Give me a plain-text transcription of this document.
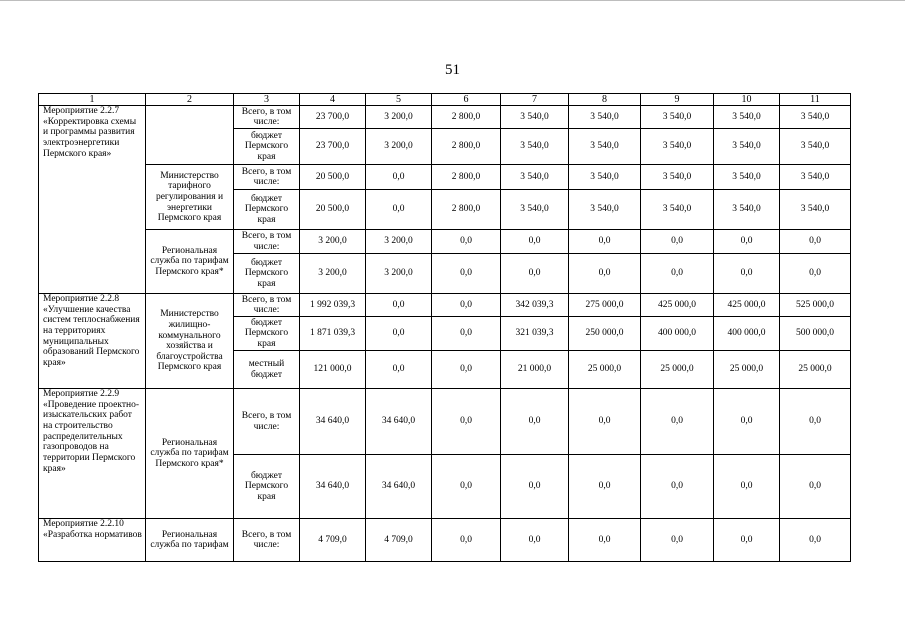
51
1	2	3	4	5	6	7	8	9	10	11
Мероприятие 2.2.7 «Корректировка схемы и программы развития электроэнергетики Пермского края»		Всего, в том числе:	23 700,0	3 200,0	2 800,0	3 540,0	3 540,0	3 540,0	3 540,0	3 540,0
		бюджет Пермского края	23 700,0	3 200,0	2 800,0	3 540,0	3 540,0	3 540,0	3 540,0	3 540,0
	Министерство тарифного регулирования и энергетики Пермского края	Всего, в том числе:	20 500,0	0,0	2 800,0	3 540,0	3 540,0	3 540,0	3 540,0	3 540,0
		бюджет Пермского края	20 500,0	0,0	2 800,0	3 540,0	3 540,0	3 540,0	3 540,0	3 540,0
	Региональная служба по тарифам Пермского края*	Всего, в том числе:	3 200,0	3 200,0	0,0	0,0	0,0	0,0	0,0	0,0
		бюджет Пермского края	3 200,0	3 200,0	0,0	0,0	0,0	0,0	0,0	0,0
Мероприятие 2.2.8 «Улучшение качества систем теплоснабжения на территориях муниципальных образований Пермского края»	Министерство жилищно-коммунального хозяйства и благоустройства Пермского края	Всего, в том числе:	1 992 039,3	0,0	0,0	342 039,3	275 000,0	425 000,0	425 000,0	525 000,0
		бюджет Пермского края	1 871 039,3	0,0	0,0	321 039,3	250 000,0	400 000,0	400 000,0	500 000,0
		местный бюджет	121 000,0	0,0	0,0	21 000,0	25 000,0	25 000,0	25 000,0	25 000,0
Мероприятие 2.2.9 «Проведение проектно-изыскательских работ на строительство распределительных газопроводов на территории Пермского края»	Региональная служба по тарифам Пермского края*	Всего, в том числе:	34 640,0	34 640,0	0,0	0,0	0,0	0,0	0,0	0,0
		бюджет Пермского края	34 640,0	34 640,0	0,0	0,0	0,0	0,0	0,0	0,0
Мероприятие 2.2.10 «Разработка нормативов	Региональная служба по тарифам	Всего, в том числе:	4 709,0	4 709,0	0,0	0,0	0,0	0,0	0,0	0,0
